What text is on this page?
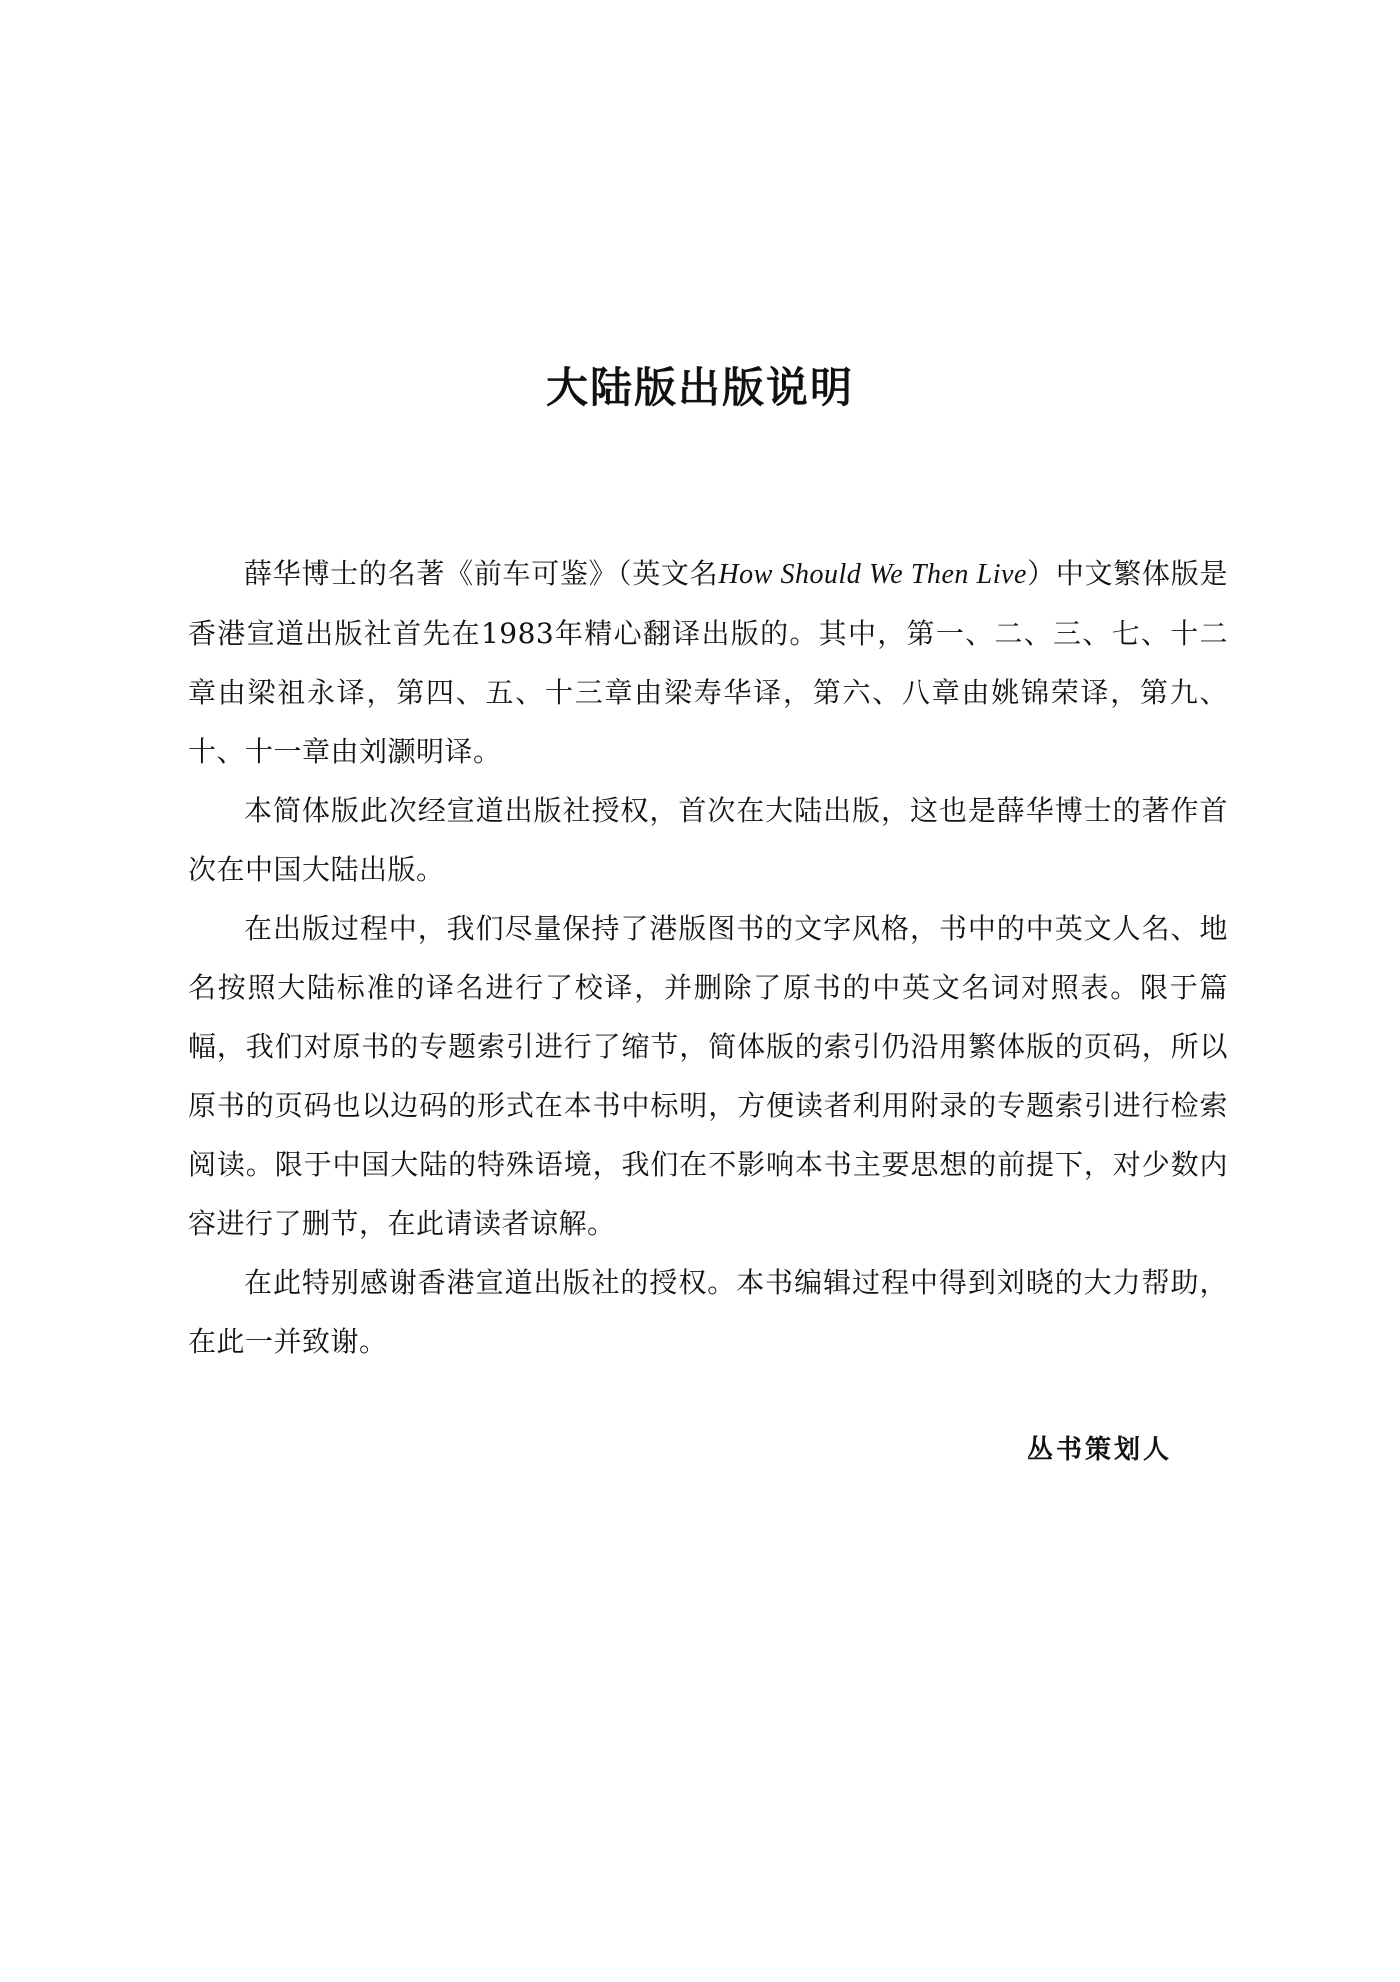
大陆版出版说明

薛华博士的名著《前车可鉴》（英文名How Should We Then Live）中文繁体版是香港宣道出版社首先在1983年精心翻译出版的。其中，第一、二、三、七、十二章由梁祖永译，第四、五、十三章由梁寿华译，第六、八章由姚锦荣译，第九、十、十一章由刘灏明译。

本简体版此次经宣道出版社授权，首次在大陆出版，这也是薛华博士的著作首次在中国大陆出版。

在出版过程中，我们尽量保持了港版图书的文字风格，书中的中英文人名、地名按照大陆标准的译名进行了校译，并删除了原书的中英文名词对照表。限于篇幅，我们对原书的专题索引进行了缩节，简体版的索引仍沿用繁体版的页码，所以原书的页码也以边码的形式在本书中标明，方便读者利用附录的专题索引进行检索阅读。限于中国大陆的特殊语境，我们在不影响本书主要思想的前提下，对少数内容进行了删节，在此请读者谅解。

在此特别感谢香港宣道出版社的授权。本书编辑过程中得到刘晓的大力帮助，在此一并致谢。

丛书策划人
